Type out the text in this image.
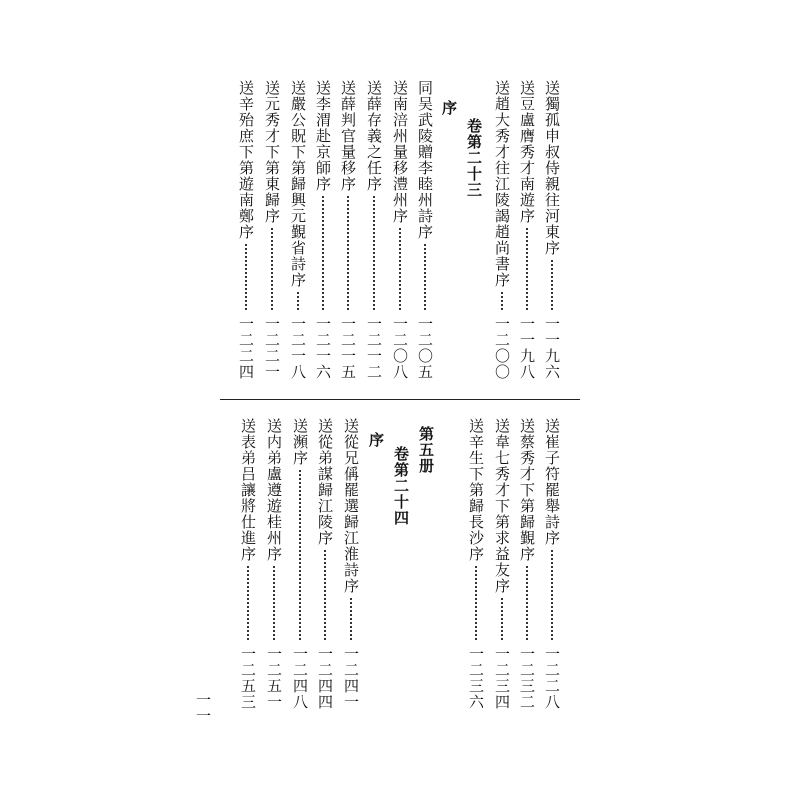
送獨孤申叔侍親往河東序
一一九六
送豆盧膺秀才南遊序
一一九八
送趙大秀才往江陵謁趙尚書序
一二〇〇
卷第二十三
序
同吴武陵贈李睦州詩序
一二〇五
送南涪州量移澧州序
一二〇八
送薛存義之任序
一二一二
送薛判官量移序
一二一五
送李渭赴京師序
一二一六
送嚴公貺下第歸興元覲省詩序
一二一八
送元秀才下第東歸序
一二二一
送辛殆庶下第遊南鄭序
一二二四
送崔子符罷舉詩序
一二二八
送蔡秀才下第歸覲序
一二三二
送韋七秀才下第求益友序
一二三四
送辛生下第歸長沙序
一二三六
第五册
卷第二十四
序
送從兄偁罷選歸江淮詩序
一二四一
送從弟謀歸江陵序
一二四四
送瀕序
一二四八
送内弟盧遵遊桂州序
一二五一
送表弟吕讓將仕進序
一二五三
一一
